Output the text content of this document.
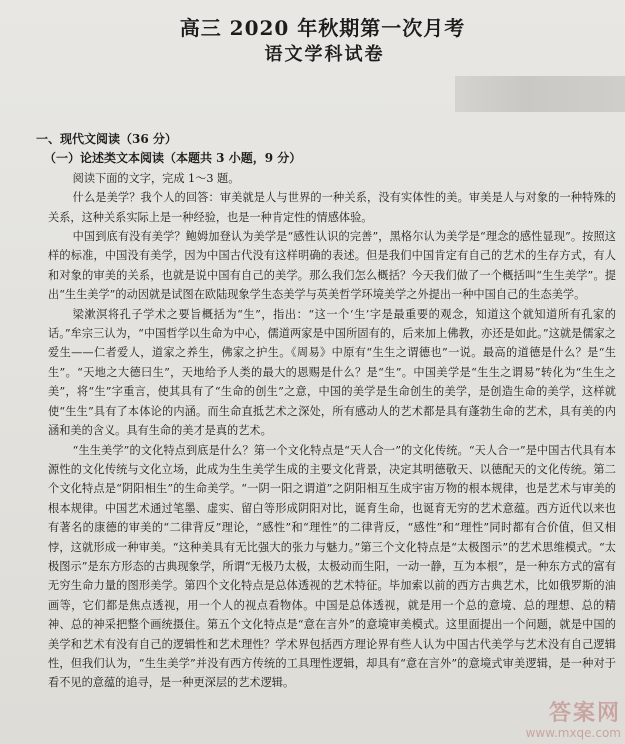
高三 2020 年秋期第一次月考
语文学科试卷
一、现代文阅读（36 分）
（一）论述类文本阅读（本题共 3 小题，9 分）

阅读下面的文字，完成 1～3 题。

什么是美学？我个人的回答：审美就是人与世界的一种关系，没有实体性的美。审美是人与对象的一种特殊的关系，这种关系实际上是一种经验，也是一种肯定性的情感体验。

中国到底有没有美学？鲍姆加登认为美学是“感性认识的完善”，黑格尔认为美学是“理念的感性显现”。按照这样的标准，中国没有美学，因为中国古代没有这样明确的表述。但是我们中国肯定有自己的艺术的生存方式，有人和对象的审美的关系，也就是说中国有自己的美学。那么我们怎么概括？今天我们做了一个概括叫“生生美学”。提出“生生美学”的动因就是试图在欧陆现象学生态美学与英美哲学环境美学之外提出一种中国自己的生态美学。

梁漱溟将孔子学术之要旨概括为“生”，指出：“这一个‘生’字是最重要的观念，知道这个就知道所有孔家的话。”牟宗三认为，“中国哲学以生命为中心，儒道两家是中国所固有的，后来加上佛教，亦还是如此。”这就是儒家之爱生——仁者爱人，道家之养生，佛家之护生。《周易》中原有“生生之谓德也”一说。最高的道德是什么？是“生生”。“天地之大德曰生”，天地给予人类的最大的恩赐是什么？是“生”。中国美学是“生生之谓易”转化为“生生之美”，将“生”字重言，使其具有了“生命的创生”之意，中国的美学是生命创生的美学，是创造生命的美学，这样就使“生生”具有了本体论的内涵。而生命直抵艺术之深处，所有感动人的艺术都是具有蓬勃生命的艺术，具有美的内涵和美的含义。具有生命的美才是真的艺术。

“生生美学”的文化特点到底是什么？第一个文化特点是“天人合一”的文化传统。“天人合一”是中国古代具有本源性的文化传统与文化立场，此成为生生美学生成的主要文化背景，决定其明德敬天、以德配天的文化传统。第二个文化特点是“阴阳相生”的生命美学。“一阴一阳之谓道”之阴阳相互生成宇宙万物的根本规律，也是艺术与审美的根本规律。中国艺术通过笔墨、虚实、留白等形成阴阳对比，诞育生命，也诞育无穷的艺术意蕴。西方近代以来也有著名的康德的审美的“二律背反”理论，“感性”和“理性”的二律背反，“感性”和“理性”同时都有合价值，但又相悖，这就形成一种审美。“这种美具有无比强大的张力与魅力。”第三个文化特点是“太极图示”的艺术思维模式。“太极图示”是东方形态的古典现象学，所谓“无极乃太极，太极动而生阳，一动一静，互为本根”，是一种东方式的富有无穷生命力量的图形美学。第四个文化特点是总体透视的艺术特征。毕加索以前的西方古典艺术，比如俄罗斯的油画等，它们都是焦点透视，用一个人的视点看物体。中国是总体透视，就是用一个总的意境、总的理想、总的精神、总的神采把整个画统摄住。第五个文化特点是“意在言外”的意境审美模式。这里面提出一个问题，就是中国的美学和艺术有没有自己的逻辑性和艺术理性？学术界包括西方理论界有些人认为中国古代美学与艺术没有自己逻辑性，但我们认为，“生生美学”并没有西方传统的工具理性逻辑，却具有“意在言外”的意境式审美逻辑，是一种对于看不见的意蕴的追寻，是一种更深层的艺术逻辑。

答案网
www.mxqe.com
